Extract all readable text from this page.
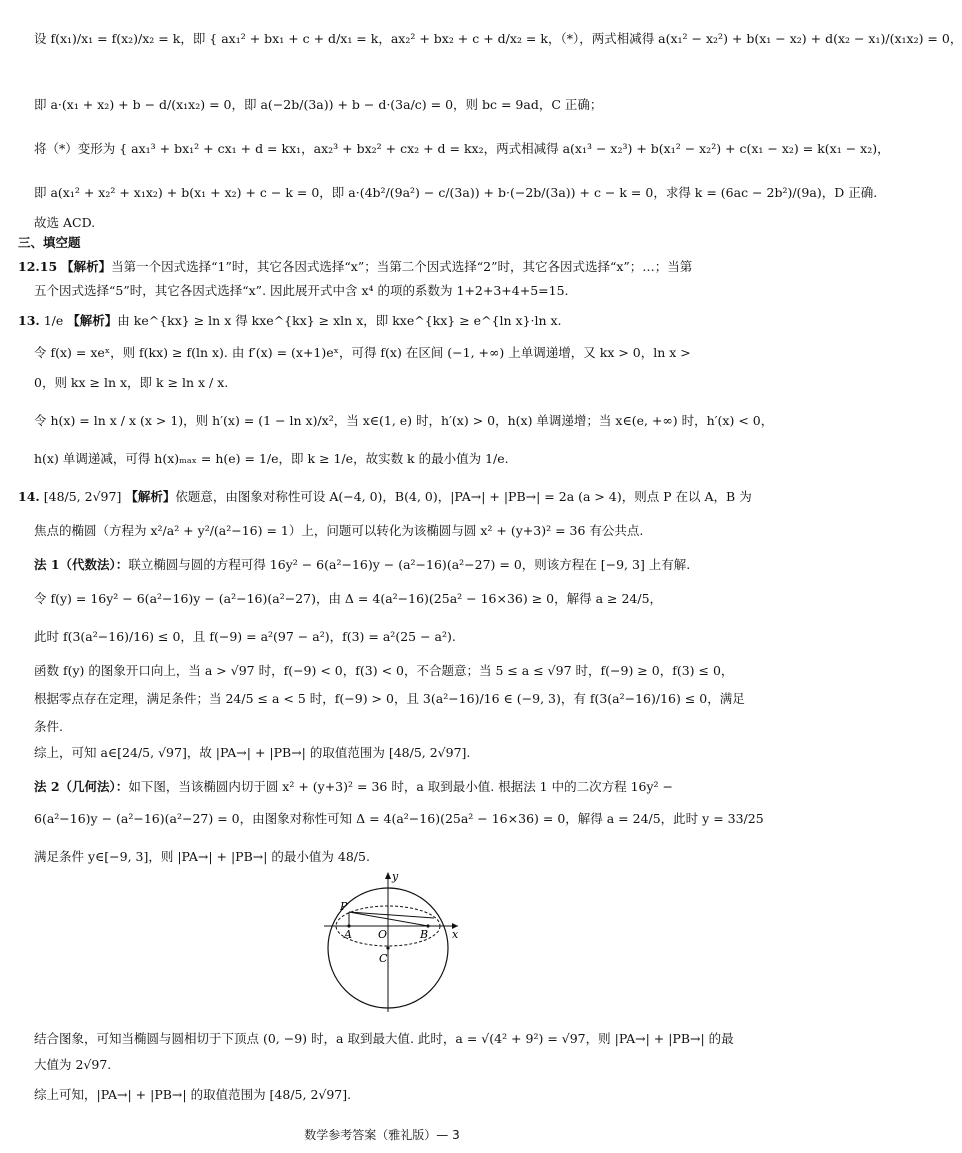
设 f(x₁)/x₁ = f(x₂)/x₂ = k，即 { ax₁² + bx₁ + c + d/x₁ = k，ax₂² + bx₂ + c + d/x₂ = k，（*），两式相减得 a(x₁² − x₂²) + b(x₁ − x₂) + d(x₂ − x₁)/(x₁x₂) = 0，
即 a·(x₁ + x₂) + b − d/(x₁x₂) = 0，即 a(−2b/(3a)) + b − d·(3a/c) = 0，则 bc = 9ad，C 正确；
将（*）变形为 { ax₁³ + bx₁² + cx₁ + d = kx₁，ax₂³ + bx₂² + cx₂ + d = kx₂，两式相减得 a(x₁³ − x₂³) + b(x₁² − x₂²) + c(x₁ − x₂) = k(x₁ − x₂)，
即 a(x₁² + x₂² + x₁x₂) + b(x₁ + x₂) + c − k = 0，即 a·(4b²/(9a²) − c/(3a)) + b·(−2b/(3a)) + c − k = 0，求得 k = (6ac − 2b²)/(9a)，D 正确.
故选 ACD.
三、填空题
12.15 【解析】当第一个因式选择“1”时，其它各因式选择“x”；当第二个因式选择“2”时，其它各因式选择“x”；…；当第
五个因式选择“5”时，其它各因式选择“x”. 因此展开式中含 x⁴ 的项的系数为 1+2+3+4+5=15.
13. 1/e 【解析】由 ke^{kx} ≥ ln x 得 kxe^{kx} ≥ xln x，即 kxe^{kx} ≥ e^{ln x}·ln x.
令 f(x) = xeˣ，则 f(kx) ≥ f(ln x). 由 f′(x) = (x+1)eˣ，可得 f(x) 在区间 (−1, +∞) 上单调递增，又 kx > 0，ln x >
0，则 kx ≥ ln x，即 k ≥ ln x / x.
令 h(x) = ln x / x (x > 1)，则 h′(x) = (1 − ln x)/x²，当 x∈(1, e) 时，h′(x) > 0，h(x) 单调递增；当 x∈(e, +∞) 时，h′(x) < 0，
h(x) 单调递减，可得 h(x)ₘₐₓ = h(e) = 1/e，即 k ≥ 1/e，故实数 k 的最小值为 1/e.
14. [48/5, 2√97] 【解析】依题意，由图象对称性可设 A(−4, 0)，B(4, 0)，|PA→| + |PB→| = 2a (a > 4)，则点 P 在以 A，B 为
焦点的椭圆（方程为 x²/a² + y²/(a²−16) = 1）上，问题可以转化为该椭圆与圆 x² + (y+3)² = 36 有公共点.
法 1（代数法）：联立椭圆与圆的方程可得 16y² − 6(a²−16)y − (a²−16)(a²−27) = 0，则该方程在 [−9, 3] 上有解.
令 f(y) = 16y² − 6(a²−16)y − (a²−16)(a²−27)，由 Δ = 4(a²−16)(25a² − 16×36) ≥ 0，解得 a ≥ 24/5，
此时 f(3(a²−16)/16) ≤ 0，且 f(−9) = a²(97 − a²)，f(3) = a²(25 − a²).
函数 f(y) 的图象开口向上，当 a > √97 时，f(−9) < 0，f(3) < 0，不合题意；当 5 ≤ a ≤ √97 时，f(−9) ≥ 0，f(3) ≤ 0，
根据零点存在定理，满足条件；当 24/5 ≤ a < 5 时，f(−9) > 0，且 3(a²−16)/16 ∈ (−9, 3)，有 f(3(a²−16)/16) ≤ 0，满足
条件.
综上，可知 a∈[24/5, √97]，故 |PA→| + |PB→| 的取值范围为 [48/5, 2√97].
法 2（几何法）：如下图，当该椭圆内切于圆 x² + (y+3)² = 36 时，a 取到最小值. 根据法 1 中的二次方程 16y² −
6(a²−16)y − (a²−16)(a²−27) = 0，由图象对称性可知 Δ = 4(a²−16)(25a² − 16×36) = 0，解得 a = 24/5，此时 y = 33/25
满足条件 y∈[−9, 3]，则 |PA→| + |PB→| 的最小值为 48/5.
y
x
P
A O	B
C
结合图象，可知当椭圆与圆相切于下顶点 (0, −9) 时，a 取到最大值. 此时，a = √(4² + 9²) = √97，则 |PA→| + |PB→| 的最
大值为 2√97.
综上可知，|PA→| + |PB→| 的取值范围为 [48/5, 2√97].
数学参考答案（雅礼版）— 3
